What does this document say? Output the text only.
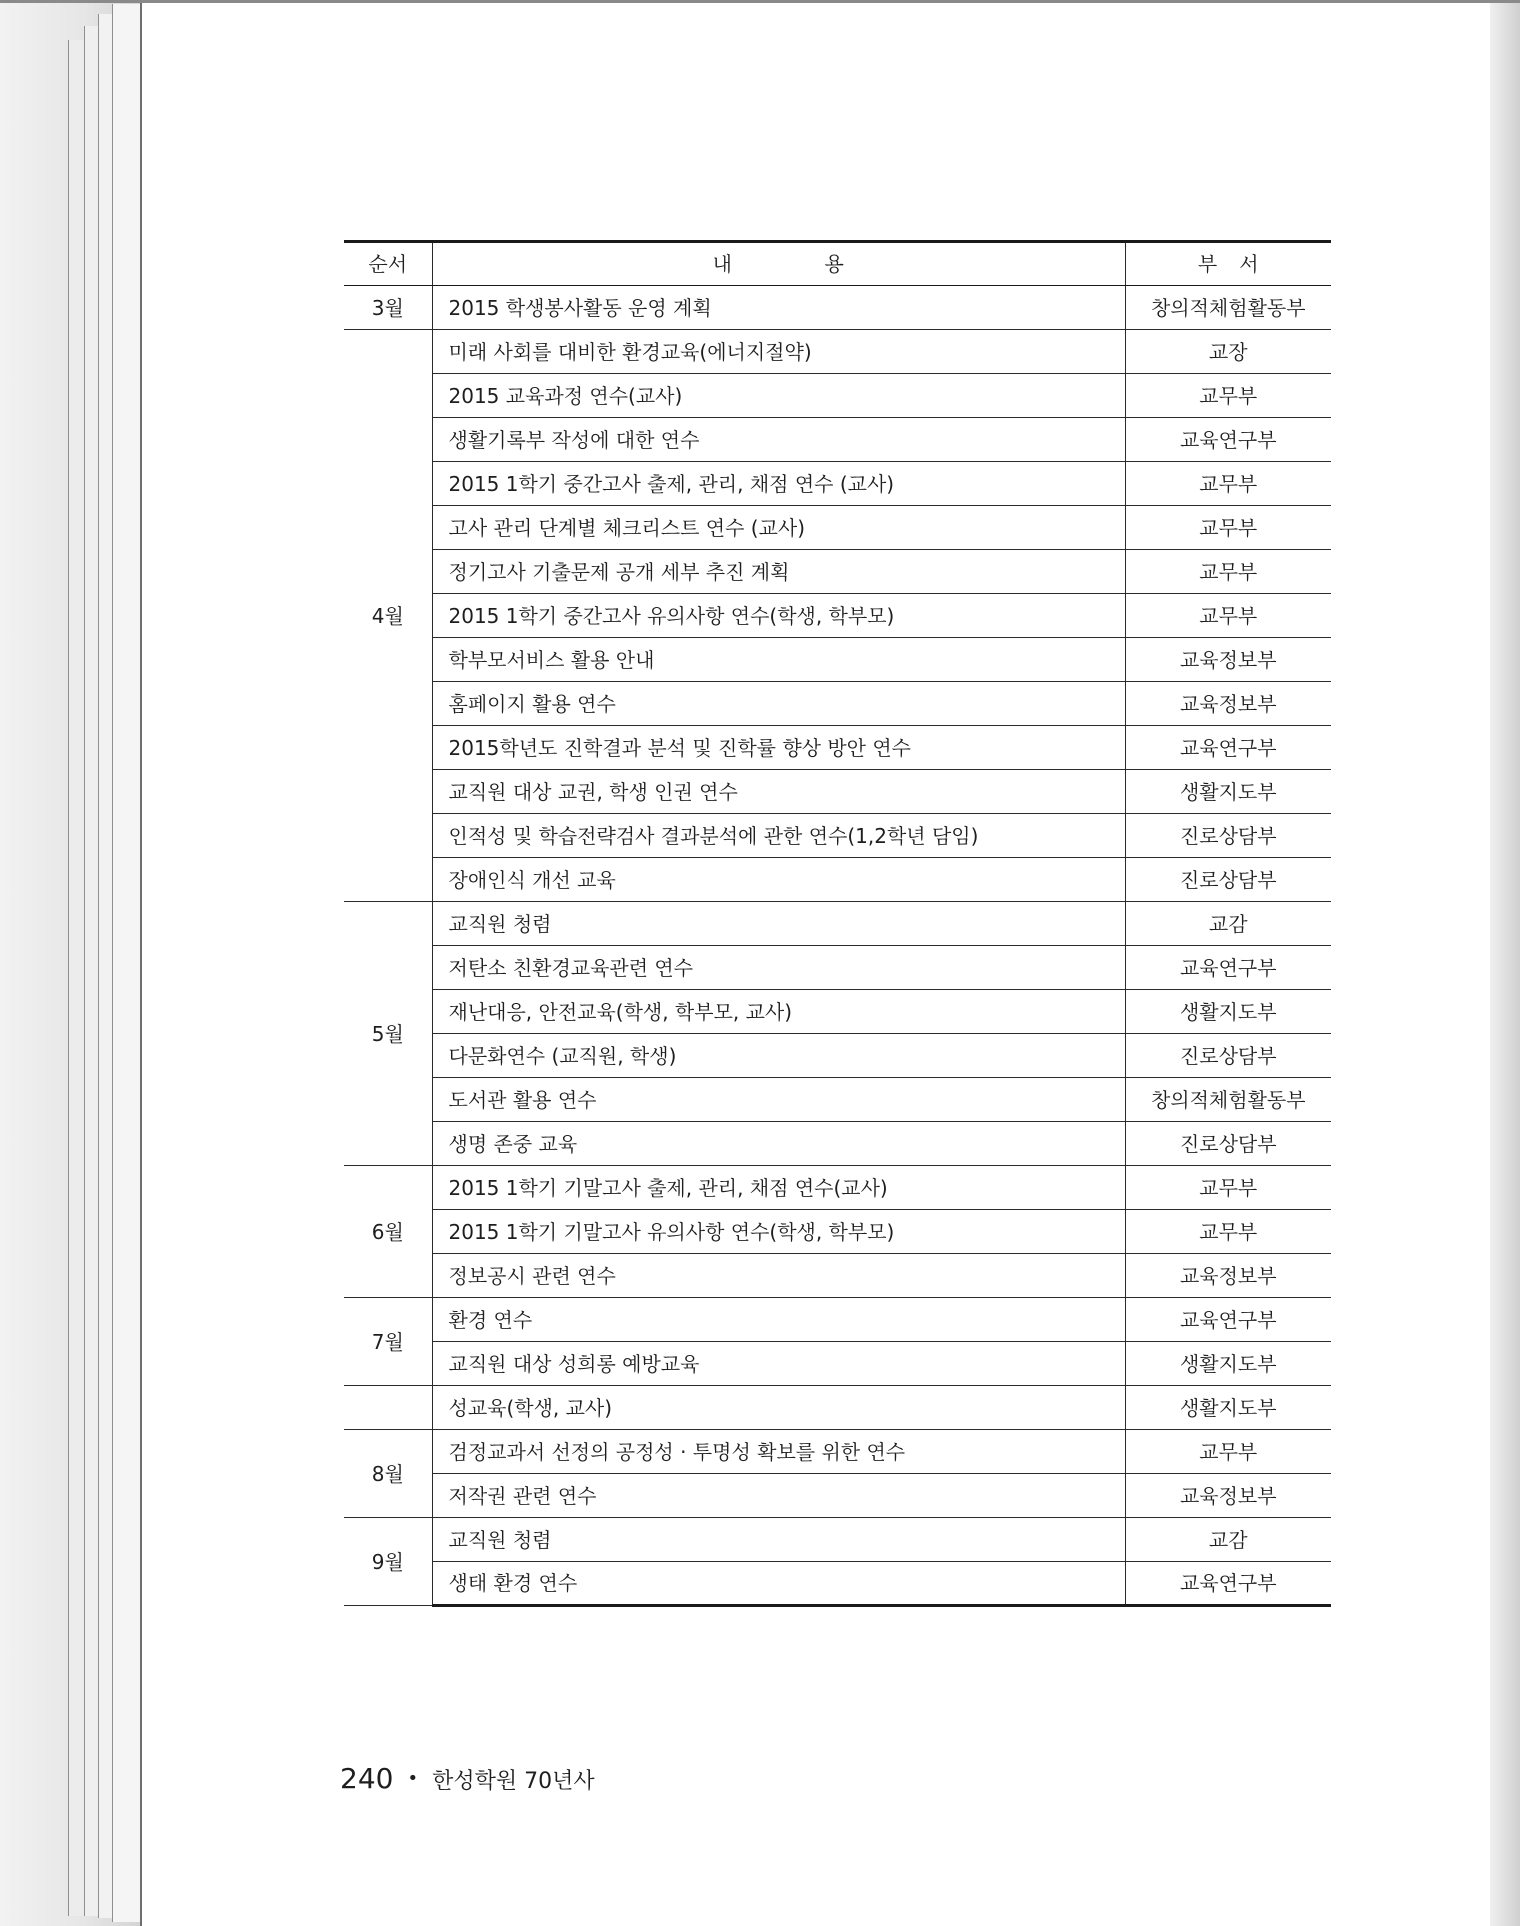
순서	내 용	부 서
3월	2015 학생봉사활동 운영 계획	창의적체험활동부
4월	미래 사회를 대비한 환경교육(에너지절약)	교장
	2015 교육과정 연수(교사)	교무부
	생활기록부 작성에 대한 연수	교육연구부
	2015 1학기 중간고사 출제, 관리, 채점 연수 (교사)	교무부
	고사 관리 단계별 체크리스트 연수 (교사)	교무부
	정기고사 기출문제 공개 세부 추진 계획	교무부
	2015 1학기 중간고사 유의사항 연수(학생, 학부모)	교무부
	학부모서비스 활용 안내	교육정보부
	홈페이지 활용 연수	교육정보부
	2015학년도 진학결과 분석 및 진학률 향상 방안 연수	교육연구부
	교직원 대상 교권, 학생 인권 연수	생활지도부
	인적성 및 학습전략검사 결과분석에 관한 연수(1,2학년 담임)	진로상담부
	장애인식 개선 교육	진로상담부
5월	교직원 청렴	교감
	저탄소 친환경교육관련 연수	교육연구부
	재난대응, 안전교육(학생, 학부모, 교사)	생활지도부
	다문화연수 (교직원, 학생)	진로상담부
	도서관 활용 연수	창의적체험활동부
	생명 존중 교육	진로상담부
6월	2015 1학기 기말고사 출제, 관리, 채점 연수(교사)	교무부
	2015 1학기 기말고사 유의사항 연수(학생, 학부모)	교무부
	정보공시 관련 연수	교육정보부
7월	환경 연수	교육연구부
	교직원 대상 성희롱 예방교육	생활지도부
	성교육(학생, 교사)	생활지도부
8월	검정교과서 선정의 공정성 · 투명성 확보를 위한 연수	교무부
	저작권 관련 연수	교육정보부
9월	교직원 청렴	교감
	생태 환경 연수	교육연구부
240 • 한성학원 70년사
